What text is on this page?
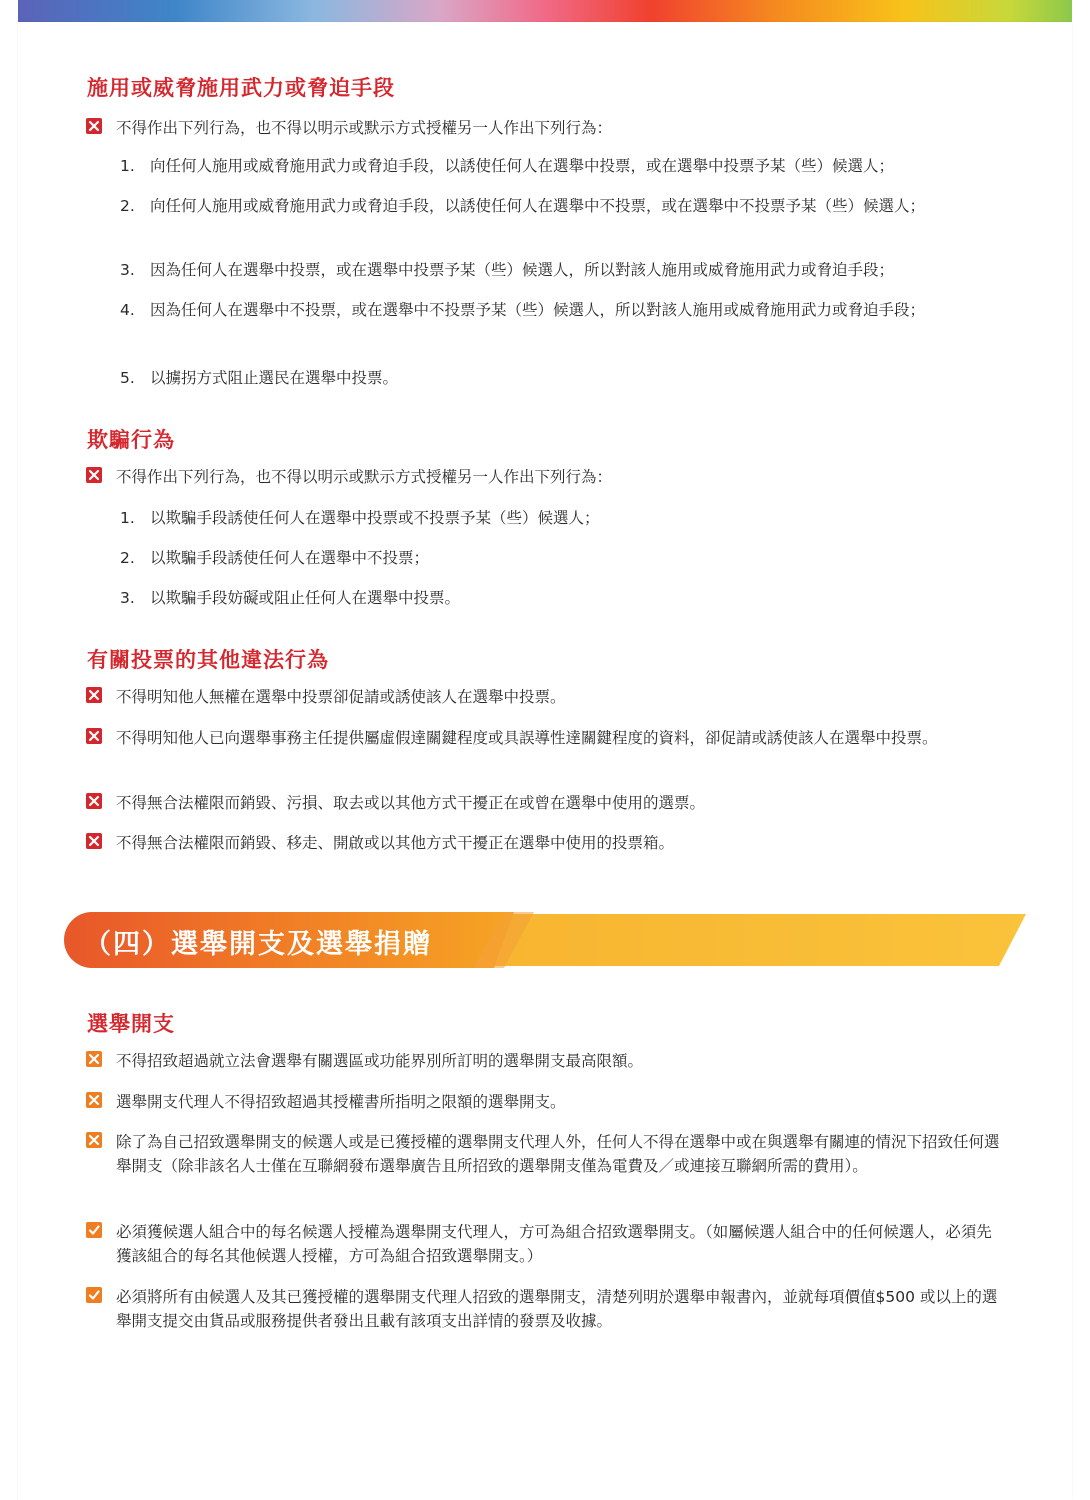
施用或威脅施用武力或脅迫手段
不得作出下列行為，也不得以明示或默示方式授權另一人作出下列行為：
1. 向任何人施用或威脅施用武力或脅迫手段，以誘使任何人在選舉中投票，或在選舉中投票予某（些）候選人；
2. 向任何人施用或威脅施用武力或脅迫手段，以誘使任何人在選舉中不投票，或在選舉中不投票予某（些）候選人；
3. 因為任何人在選舉中投票，或在選舉中投票予某（些）候選人，所以對該人施用或威脅施用武力或脅迫手段；
4. 因為任何人在選舉中不投票，或在選舉中不投票予某（些）候選人，所以對該人施用或威脅施用武力或脅迫手段；
5. 以擄拐方式阻止選民在選舉中投票。
欺騙行為
不得作出下列行為，也不得以明示或默示方式授權另一人作出下列行為：
1. 以欺騙手段誘使任何人在選舉中投票或不投票予某（些）候選人；
2. 以欺騙手段誘使任何人在選舉中不投票；
3. 以欺騙手段妨礙或阻止任何人在選舉中投票。
有關投票的其他違法行為
不得明知他人無權在選舉中投票卻促請或誘使該人在選舉中投票。
不得明知他人已向選舉事務主任提供屬虛假達關鍵程度或具誤導性達關鍵程度的資料，卻促請或誘使該人在選舉中投票。
不得無合法權限而銷毀、污損、取去或以其他方式干擾正在或曾在選舉中使用的選票。
不得無合法權限而銷毀、移走、開啟或以其他方式干擾正在選舉中使用的投票箱。
（四）選舉開支及選舉捐贈
選舉開支
不得招致超過就立法會選舉有關選區或功能界別所訂明的選舉開支最高限額。
選舉開支代理人不得招致超過其授權書所指明之限額的選舉開支。
除了為自己招致選舉開支的候選人或是已獲授權的選舉開支代理人外，任何人不得在選舉中或在與選舉有關連的情況下招致任何選舉開支（除非該名人士僅在互聯網發布選舉廣告且所招致的選舉開支僅為電費及／或連接互聯網所需的費用）。
必須獲候選人組合中的每名候選人授權為選舉開支代理人，方可為組合招致選舉開支。（如屬候選人組合中的任何候選人，必須先獲該組合的每名其他候選人授權，方可為組合招致選舉開支。）
必須將所有由候選人及其已獲授權的選舉開支代理人招致的選舉開支，清楚列明於選舉申報書內，並就每項價值$500 或以上的選舉開支提交由貨品或服務提供者發出且載有該項支出詳情的發票及收據。
